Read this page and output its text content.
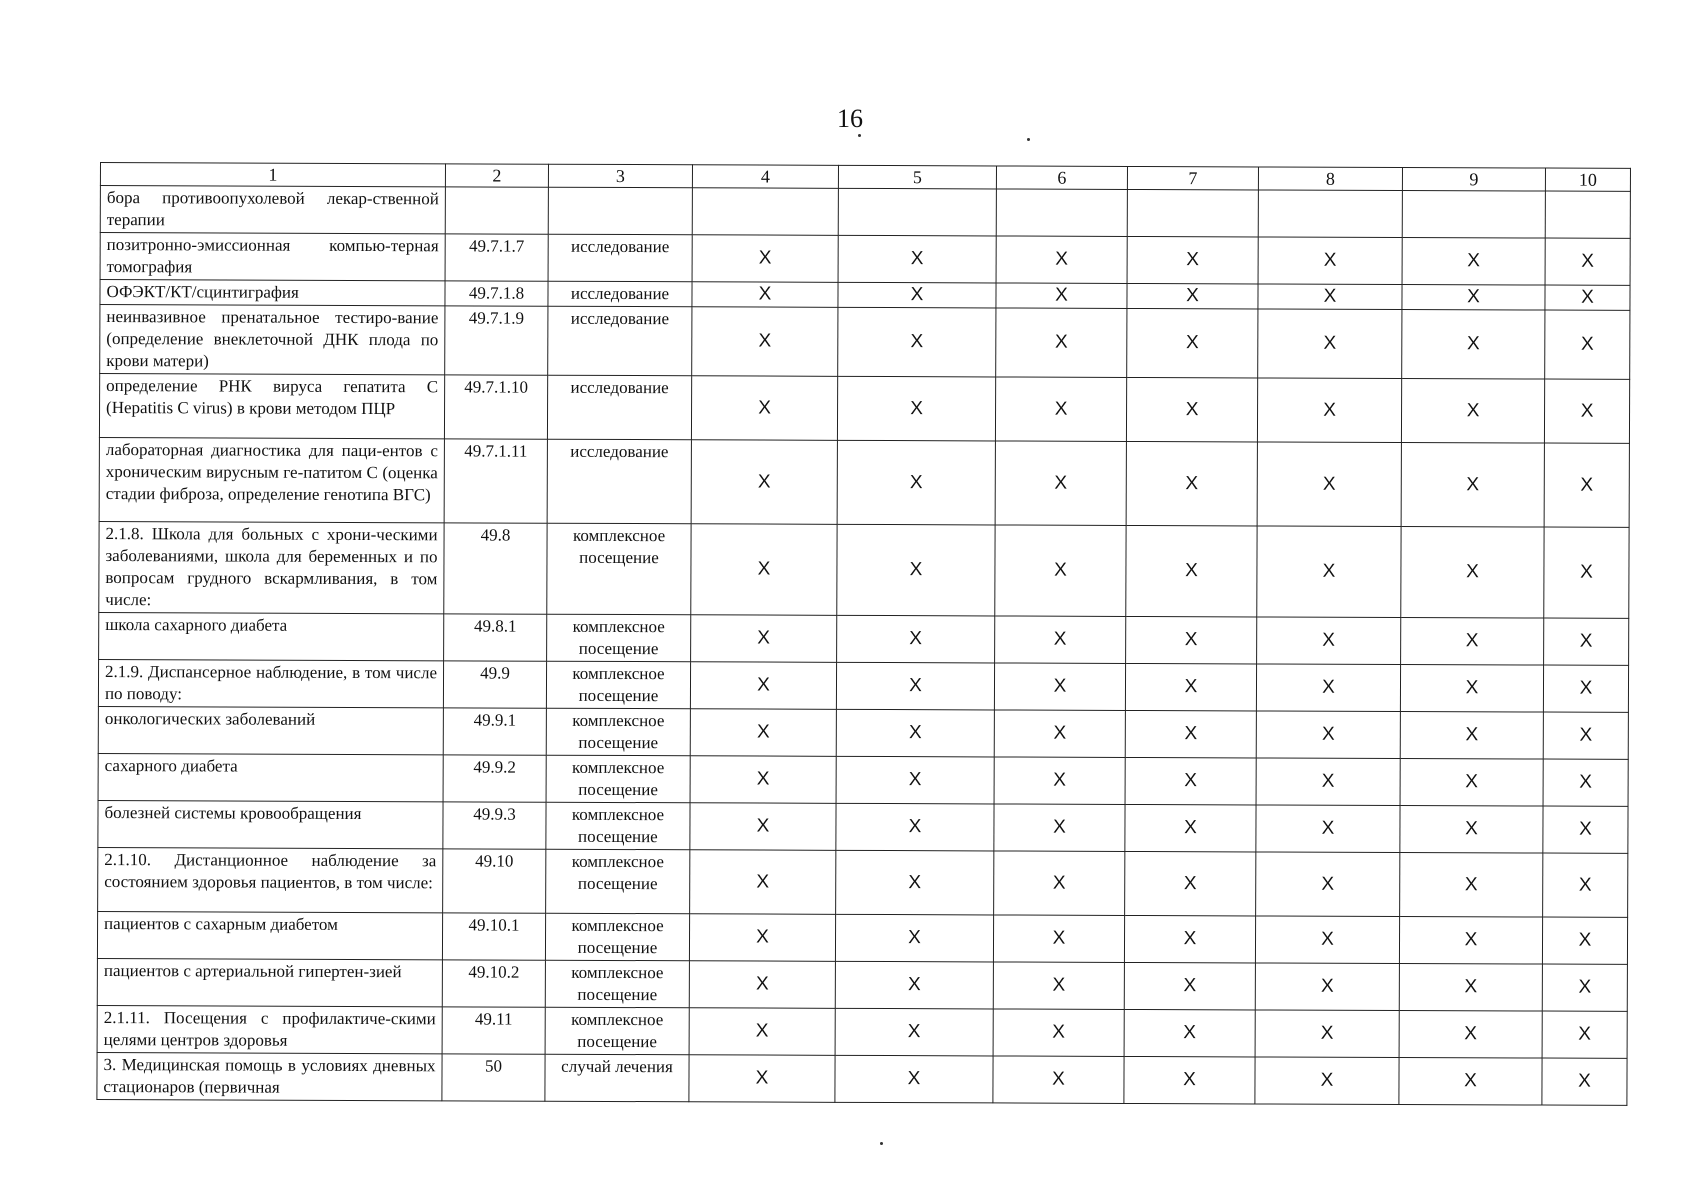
16
1	2	3	4	5	6	7	8	9	10
бора противоопухолевой лекар-ственной терапии									
позитронно-эмиссионная компью-терная томография	49.7.1.7	исследование	X	X	X	X	X	X	X
ОФЭКТ/КТ/сцинтиграфия	49.7.1.8	исследование	X	X	X	X	X	X	X
неинвазивное пренатальное тестиро-вание (определение внеклеточной ДНК плода по крови матери)	49.7.1.9	исследование	X	X	X	X	X	X	X
определение РНК вируса гепатита С (Hepatitis C virus) в крови методом ПЦР	49.7.1.10	исследование	X	X	X	X	X	X	X
лабораторная диагностика для паци-ентов с хроническим вирусным ге-патитом С (оценка стадии фиброза, определение генотипа ВГС)	49.7.1.11	исследование	X	X	X	X	X	X	X
2.1.8. Школа для больных с хрони-ческими заболеваниями, школа для беременных и по вопросам грудного вскармливания, в том числе:	49.8	комплексное посещение	X	X	X	X	X	X	X
школа сахарного диабета	49.8.1	комплексное посещение	X	X	X	X	X	X	X
2.1.9. Диспансерное наблюдение, в том числе по поводу:	49.9	комплексное посещение	X	X	X	X	X	X	X
онкологических заболеваний	49.9.1	комплексное посещение	X	X	X	X	X	X	X
сахарного диабета	49.9.2	комплексное посещение	X	X	X	X	X	X	X
болезней системы кровообращения	49.9.3	комплексное посещение	X	X	X	X	X	X	X
2.1.10. Дистанционное наблюдение за состоянием здоровья пациентов, в том числе:	49.10	комплексное посещение	X	X	X	X	X	X	X
пациентов с сахарным диабетом	49.10.1	комплексное посещение	X	X	X	X	X	X	X
пациентов с артериальной гипертен-зией	49.10.2	комплексное посещение	X	X	X	X	X	X	X
2.1.11. Посещения с профилактиче-скими целями центров здоровья	49.11	комплексное посещение	X	X	X	X	X	X	X
3. Медицинская помощь в условиях дневных стационаров (первичная	50	случай лечения	X	X	X	X	X	X	X
